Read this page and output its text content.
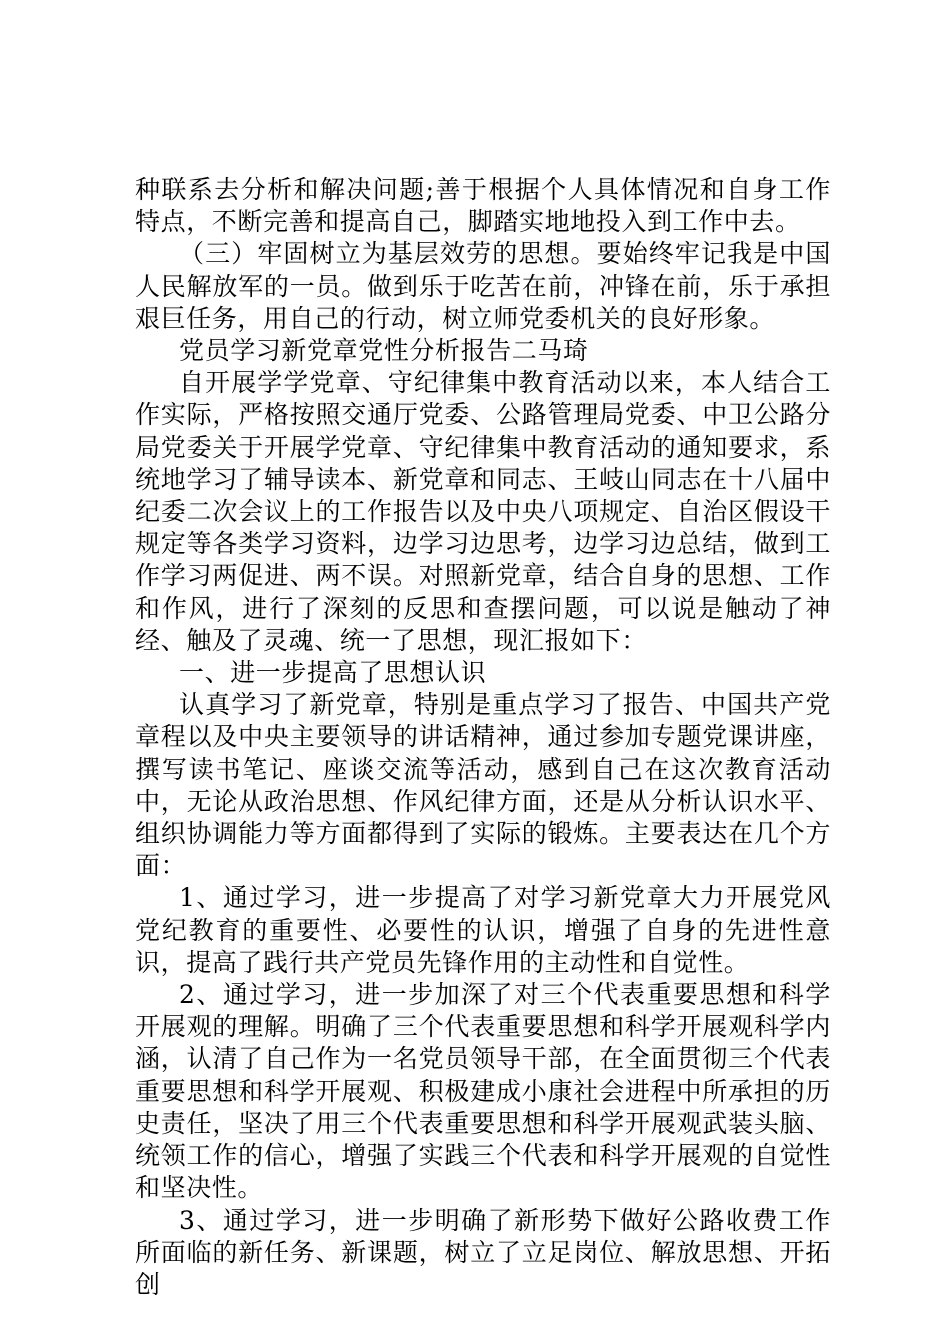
种联系去分析和解决问题;善于根据个人具体情况和自身工作特点，不断完善和提高自己，脚踏实地地投入到工作中去。

（三）牢固树立为基层效劳的思想。要始终牢记我是中国人民解放军的一员。做到乐于吃苦在前，冲锋在前，乐于承担艰巨任务，用自己的行动，树立师党委机关的良好形象。

党员学习新党章党性分析报告二马琦

自开展学学党章、守纪律集中教育活动以来，本人结合工作实际，严格按照交通厅党委、公路管理局党委、中卫公路分局党委关于开展学党章、守纪律集中教育活动的通知要求，系统地学习了辅导读本、新党章和同志、王岐山同志在十八届中纪委二次会议上的工作报告以及中央八项规定、自治区假设干规定等各类学习资料，边学习边思考，边学习边总结，做到工作学习两促进、两不误。对照新党章，结合自身的思想、工作和作风，进行了深刻的反思和查摆问题，可以说是触动了神经、触及了灵魂、统一了思想，现汇报如下：

一、进一步提高了思想认识

认真学习了新党章，特别是重点学习了报告、中国共产党章程以及中央主要领导的讲话精神，通过参加专题党课讲座，撰写读书笔记、座谈交流等活动，感到自己在这次教育活动中，无论从政治思想、作风纪律方面，还是从分析认识水平、组织协调能力等方面都得到了实际的锻炼。主要表达在几个方面：

1、通过学习，进一步提高了对学习新党章大力开展党风党纪教育的重要性、必要性的认识，增强了自身的先进性意识，提高了践行共产党员先锋作用的主动性和自觉性。

2、通过学习，进一步加深了对三个代表重要思想和科学开展观的理解。明确了三个代表重要思想和科学开展观科学内涵，认清了自己作为一名党员领导干部，在全面贯彻三个代表重要思想和科学开展观、积极建成小康社会进程中所承担的历史责任，坚决了用三个代表重要思想和科学开展观武装头脑、统领工作的信心，增强了实践三个代表和科学开展观的自觉性和坚决性。

3、通过学习，进一步明确了新形势下做好公路收费工作所面临的新任务、新课题，树立了立足岗位、解放思想、开拓创
